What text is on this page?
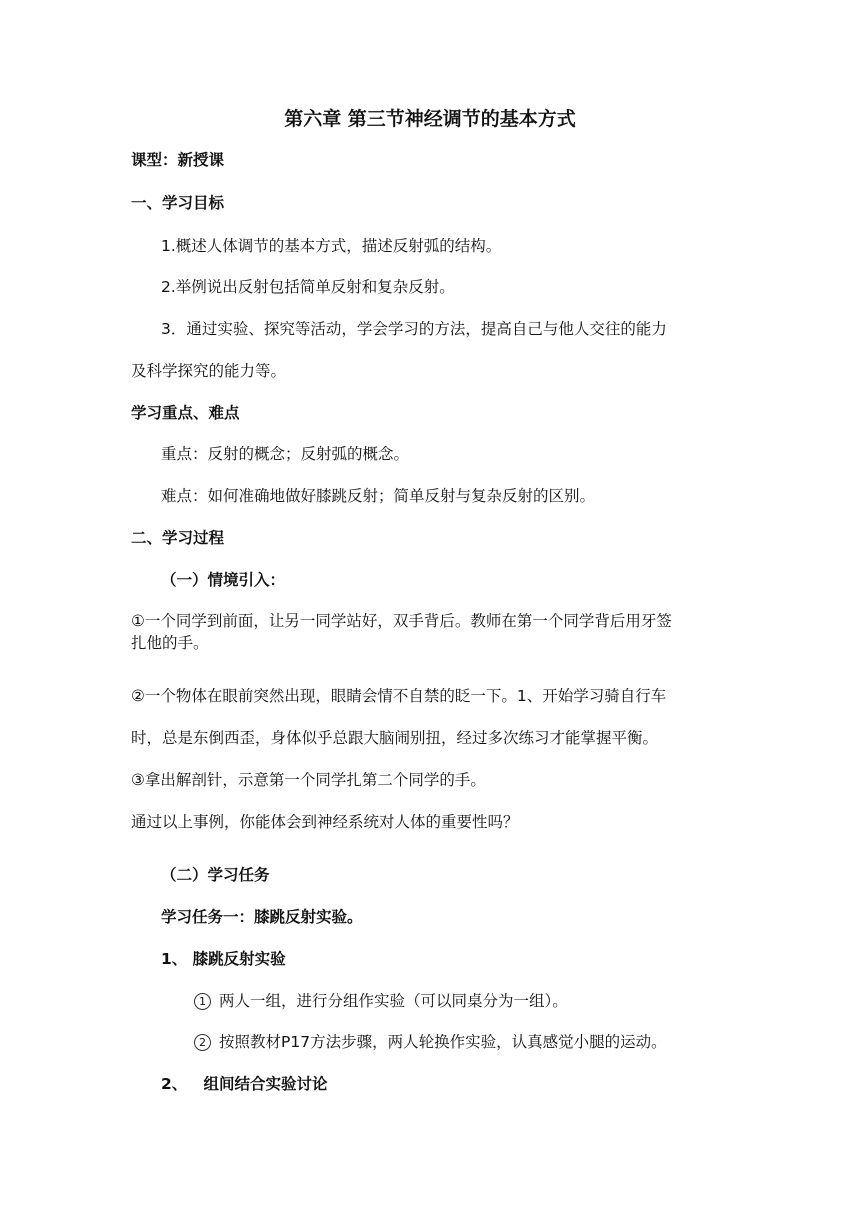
第六章 第三节神经调节的基本方式
课型：新授课
一、学习目标
1.概述人体调节的基本方式，描述反射弧的结构。
2.举例说出反射包括简单反射和复杂反射。
3．通过实验、探究等活动，学会学习的方法，提高自己与他人交往的能力
及科学探究的能力等。
学习重点、难点
重点：反射的概念；反射弧的概念。
难点：如何准确地做好膝跳反射；简单反射与复杂反射的区别。
二、学习过程
（一）情境引入：
①一个同学到前面，让另一同学站好，双手背后。教师在第一个同学背后用牙签
扎他的手。
②一个物体在眼前突然出现，眼睛会情不自禁的眨一下。1、开始学习骑自行车
时，总是东倒西歪，身体似乎总跟大脑闹别扭，经过多次练习才能掌握平衡。
③拿出解剖针，示意第一个同学扎第二个同学的手。
通过以上事例，你能体会到神经系统对人体的重要性吗？
（二）学习任务
学习任务一：膝跳反射实验。
1、 膝跳反射实验
1 两人一组，进行分组作实验（可以同桌分为一组）。
2 按照教材P17方法步骤，两人轮换作实验，认真感觉小腿的运动。
2、   组间结合实验讨论
